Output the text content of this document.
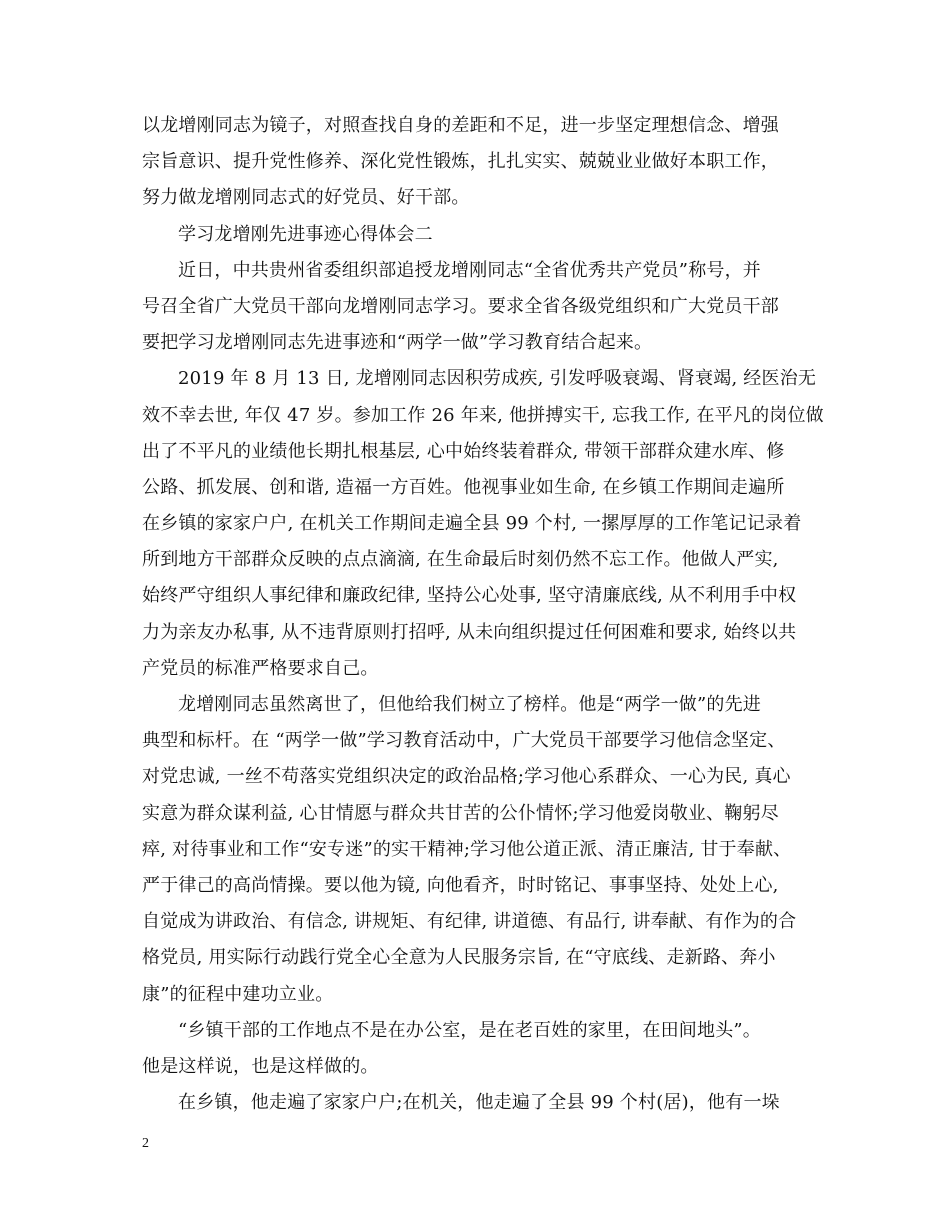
以龙增刚同志为镜子，对照查找自身的差距和不足，进一步坚定理想信念、增强
宗旨意识、提升党性修养、深化党性锻炼，扎扎实实、兢兢业业做好本职工作，
努力做龙增刚同志式的好党员、好干部。
学习龙增刚先进事迹心得体会二
近日，中共贵州省委组织部追授龙增刚同志“全省优秀共产党员”称号，并
号召全省广大党员干部向龙增刚同志学习。要求全省各级党组织和广大党员干部
要把学习龙增刚同志先进事迹和“两学一做”学习教育结合起来。
2019 年 8 月 13 日, 龙增刚同志因积劳成疾, 引发呼吸衰竭、肾衰竭, 经医治无
效不幸去世, 年仅 47 岁。参加工作 26 年来, 他拼搏实干, 忘我工作, 在平凡的岗位做
出了不平凡的业绩他长期扎根基层, 心中始终装着群众, 带领干部群众建水库、修
公路、抓发展、创和谐, 造福一方百姓。他视事业如生命, 在乡镇工作期间走遍所
在乡镇的家家户户, 在机关工作期间走遍全县 99 个村, 一摞厚厚的工作笔记记录着
所到地方干部群众反映的点点滴滴, 在生命最后时刻仍然不忘工作。他做人严实,
始终严守组织人事纪律和廉政纪律, 坚持公心处事, 坚守清廉底线, 从不利用手中权
力为亲友办私事, 从不违背原则打招呼, 从未向组织提过任何困难和要求, 始终以共
产党员的标准严格要求自己。
龙增刚同志虽然离世了，但他给我们树立了榜样。他是“两学一做”的先进
典型和标杆。在 “两学一做”学习教育活动中，广大党员干部要学习他信念坚定、
对党忠诚, 一丝不苟落实党组织决定的政治品格;学习他心系群众、一心为民, 真心
实意为群众谋利益, 心甘情愿与群众共甘苦的公仆情怀;学习他爱岗敬业、鞠躬尽
瘁, 对待事业和工作“安专迷”的实干精神;学习他公道正派、清正廉洁, 甘于奉献、
严于律己的高尚情操。要以他为镜, 向他看齐，时时铭记、事事坚持、处处上心,
自觉成为讲政治、有信念, 讲规矩、有纪律, 讲道德、有品行, 讲奉献、有作为的合
格党员, 用实际行动践行党全心全意为人民服务宗旨, 在“守底线、走新路、奔小
康”的征程中建功立业。
“乡镇干部的工作地点不是在办公室，是在老百姓的家里，在田间地头”。
他是这样说，也是这样做的。
在乡镇，他走遍了家家户户;在机关，他走遍了全县 99 个村(居)，他有一垛
2
